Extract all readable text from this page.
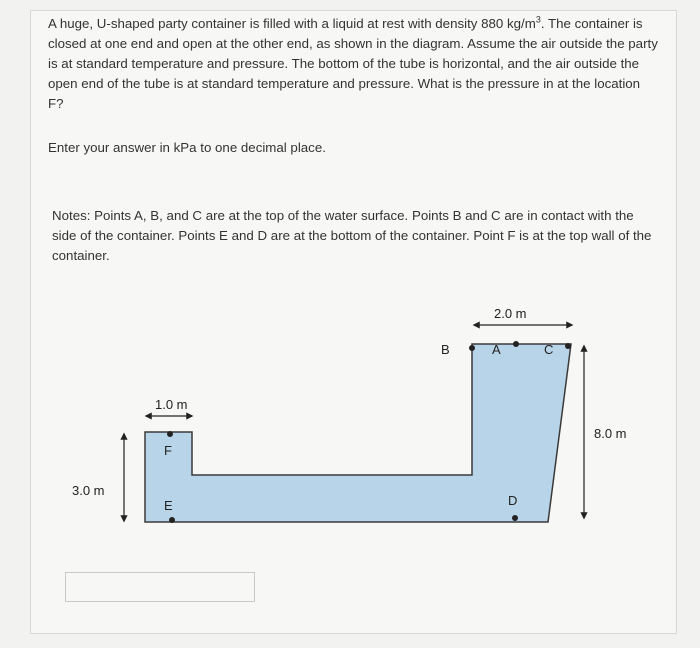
A huge, U-shaped party container is filled with a liquid at rest with density 880 $kg/m^3$. The container is closed at one end and open at the other end, as shown in the diagram. Assume the air outside the party is at standard temperature and pressure. The bottom of the tube is horizontal, and the air outside the open end of the tube is at standard temperature and pressure. What is the pressure in at the location F?

Enter your answer in kPa to one decimal place.

Notes: Points A, B, and C are at the top of the water surface. Points B and C are in contact with the side of the container. Points E and D are at the bottom of the container. Point F is at the top wall of the container.

2.0 m
1.0 m
3.0 m
8.0 m
B	A	C
F
E	D
